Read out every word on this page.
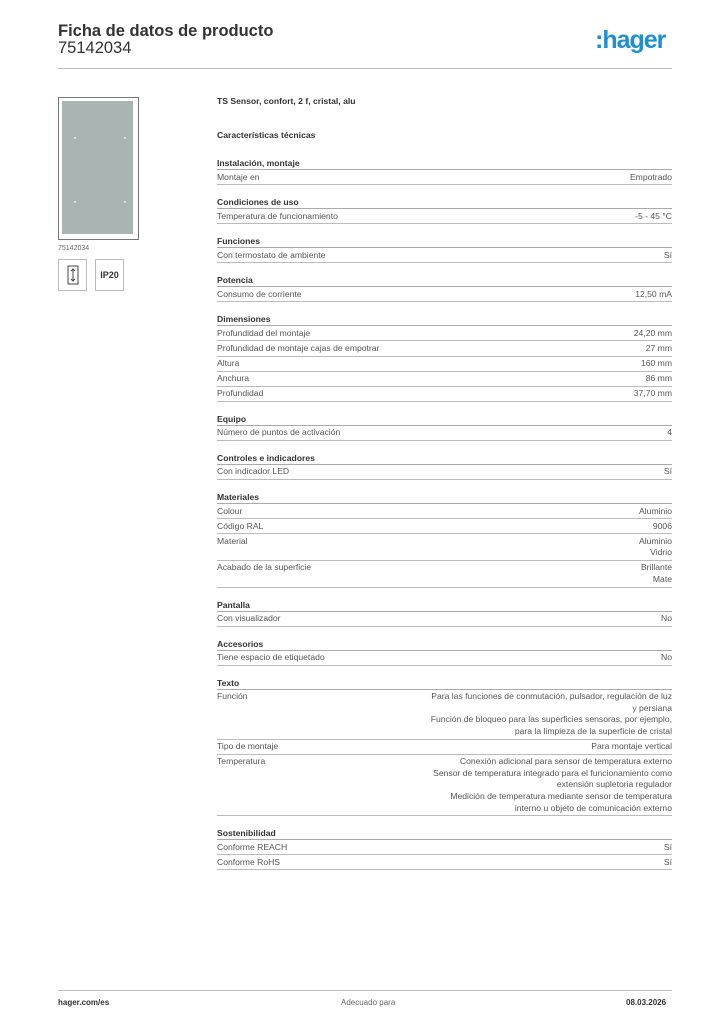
Ficha de datos de producto
75142034	:hager
75142034
IP20
TS Sensor, confort, 2 f, cristal, alu
Características técnicas
Instalación, montaje
Montaje en	Empotrado
Condiciones de uso
Temperatura de funcionamiento	-5 - 45 °C
Funciones
Con termostato de ambiente	Sí
Potencia
Consumo de corriente	12,50 mA
Dimensiones
Profundidad del montaje	24,20 mm
Profundidad de montaje cajas de empotrar	27 mm
Altura	160 mm
Anchura	86 mm
Profundidad	37,70 mm
Equipo
Número de puntos de activación	4
Controles e indicadores
Con indicador LED	Sí
Materiales
Colour	Aluminio
Código RAL	9006
Material	Aluminio
Vidrio
Acabado de la superficie	Brillante
Mate
Pantalla
Con visualizador	No
Accesorios
Tiene espacio de etiquetado	No
Texto
Función	Para las funciones de conmutación, pulsador, regulación de luz
y persiana
Función de bloqueo para las superficies sensoras, por ejemplo,
para la limpieza de la superficie de cristal
Tipo de montaje	Para montaje vertical
Temperatura	Conexión adicional para sensor de temperatura externo
Sensor de temperatura integrado para el funcionamiento como
extensión supletoria regulador
Medición de temperatura mediante sensor de temperatura
interno u objeto de comunicación externo
Sostenibilidad
Conforme REACH	Sí
Conforme RoHS	Sí
hager.com/es	Adecuado para	08.03.2026
